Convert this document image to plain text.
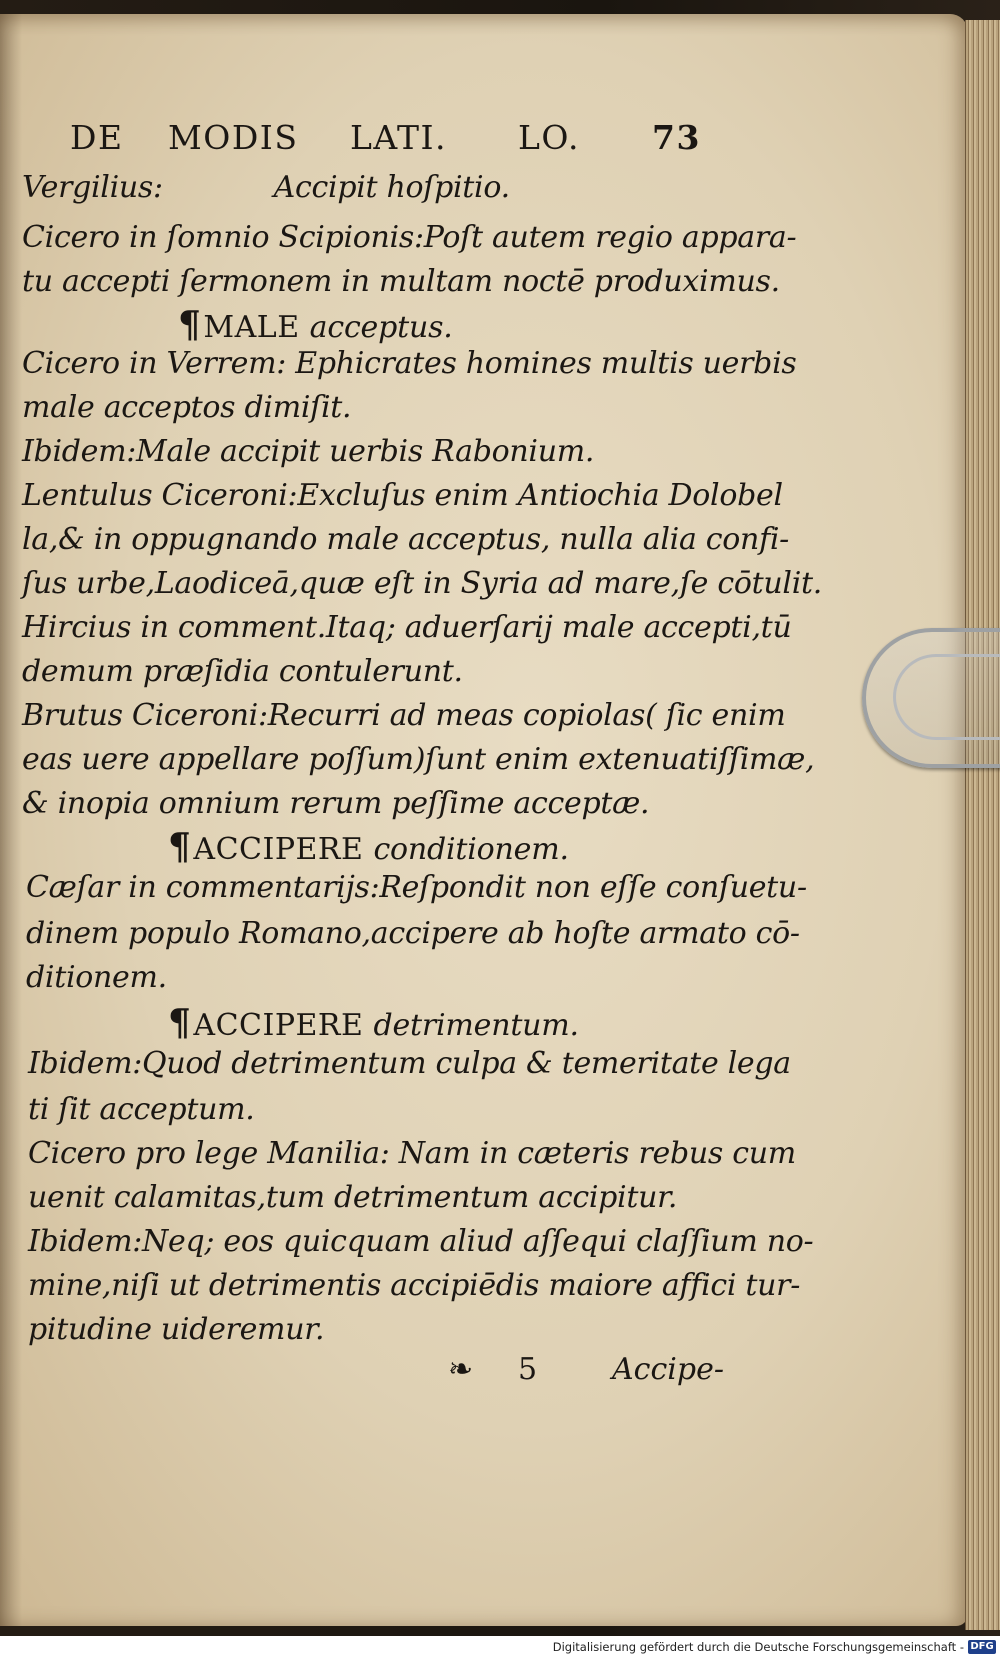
DE MODIS LATI. LO. 73
Vergilius:            Accipit hoſpitio.
Cicero in ſomnio Scipionis:Poſt autem regio appara-
tu accepti ſermonem in multam noctē produximus.
¶MALE acceptus.
Cicero in Verrem: Ephicrates homines multis uerbis
male acceptos dimiſit.
Ibidem:Male accipit uerbis Rabonium.
Lentulus Ciceroni:Excluſus enim Antiochia Dolobel
la,& in oppugnando male acceptus, nulla alia confi-
ſus urbe,Laodiceā,quæ eſt in Syria ad mare,ſe cōtulit.
Hircius in comment.Itaq; aduerſarij male accepti,tū
demum præſidia contulerunt.
Brutus Ciceroni:Recurri ad meas copiolas( ſic enim
eas uere appellare poſſum)ſunt enim extenuatiſſimæ,
& inopia omnium rerum peſſime acceptæ.
¶ACCIPERE conditionem.
Cæſar in commentarijs:Reſpondit non eſſe conſuetu-
dinem populo Romano,accipere ab hoſte armato cō-
ditionem.
¶ACCIPERE detrimentum.
Ibidem:Quod detrimentum culpa & temeritate lega
ti ſit acceptum.
Cicero pro lege Manilia: Nam in cæteris rebus cum
uenit calamitas,tum detrimentum accipitur.
Ibidem:Neq; eos quicquam aliud aſſequi claſſium no-
mine,niſi ut detrimentis accipiēdis maiore affici tur-
pitudine uideremur.
❧ 5 Accipe-
Digitalisierung gefördert durch die Deutsche Forschungsgemeinschaft - DFG
